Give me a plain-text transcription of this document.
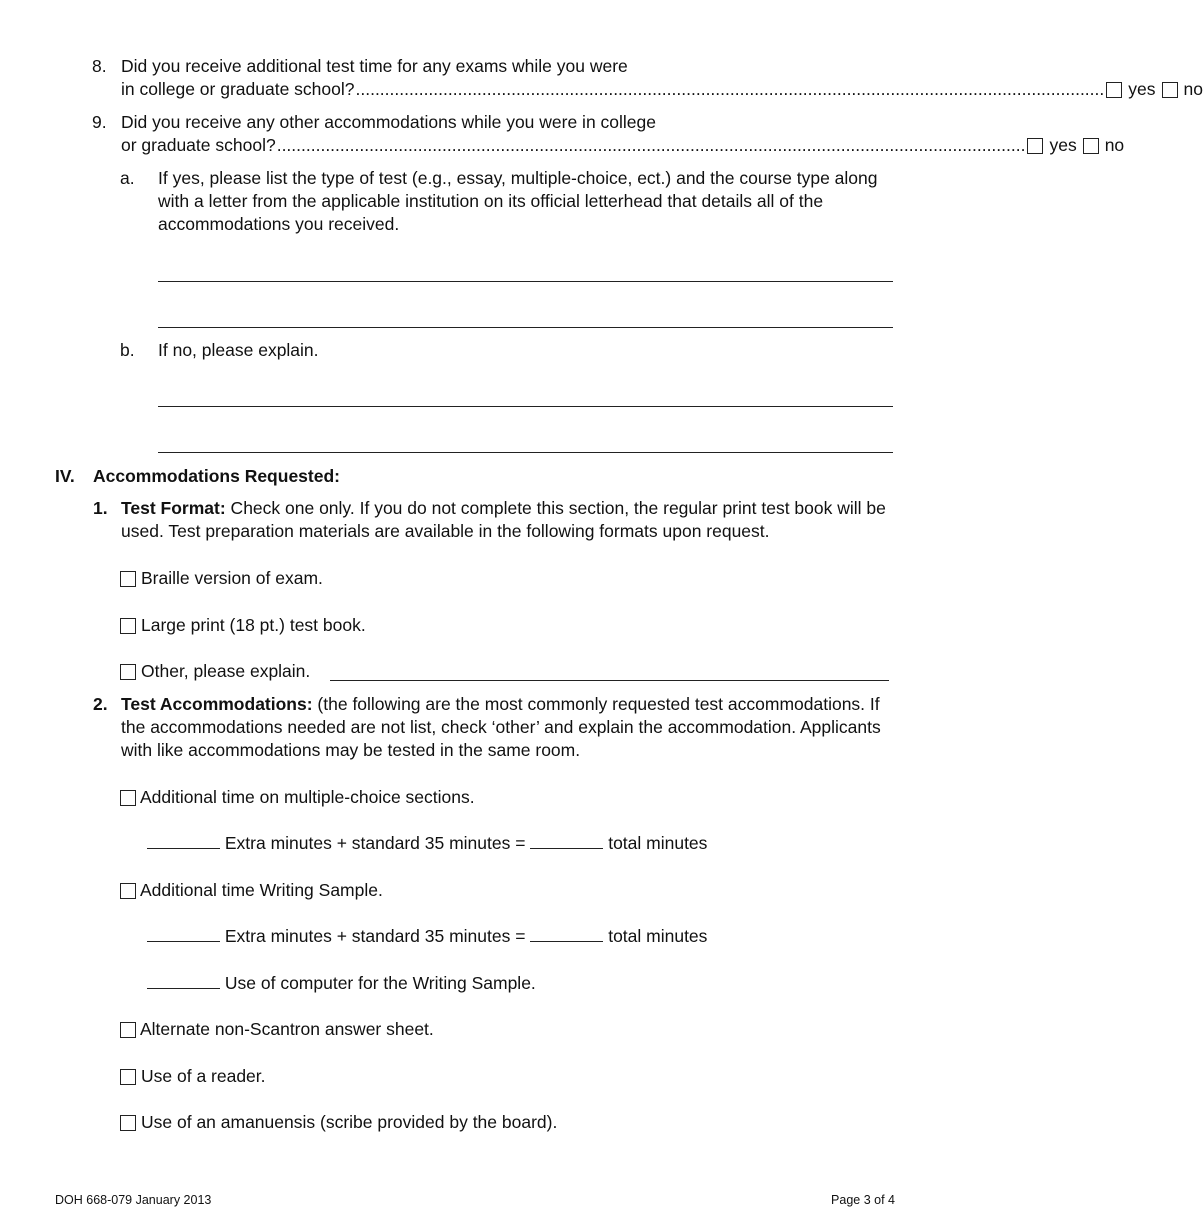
8. Did you receive additional test time for any exams while you were
in college or graduate school? ..........................................................................................................................................................	yes no
9. Did you receive any other accommodations while you were in college
or graduate school? ..........................................................................................................................................................	yes no
a. If yes, please list the type of test (e.g., essay, multiple-choice, ect.) and the course type along with a letter from the applicable institution on its official letterhead that details all of the accommodations you received.
b. If no, please explain.
IV. Accommodations Requested:
1. Test Format: Check one only. If you do not complete this section, the regular print test book will be used. Test preparation materials are available in the following formats upon request.
Braille version of exam.
Large print (18 pt.) test book.
Other, please explain.
2. Test Accommodations: (the following are the most commonly requested test accommodations. If the accommodations needed are not list, check ‘other’ and explain the accommodation. Applicants with like accommodations may be tested in the same room.
Additional time on multiple-choice sections.
Extra minutes + standard 35 minutes =	total minutes
Additional time Writing Sample.
Extra minutes + standard 35 minutes =	total minutes
Use of computer for the Writing Sample.
Alternate non-Scantron answer sheet.
Use of a reader.
Use of an amanuensis (scribe provided by the board).
DOH 668-079 January 2013	Page 3 of 4
